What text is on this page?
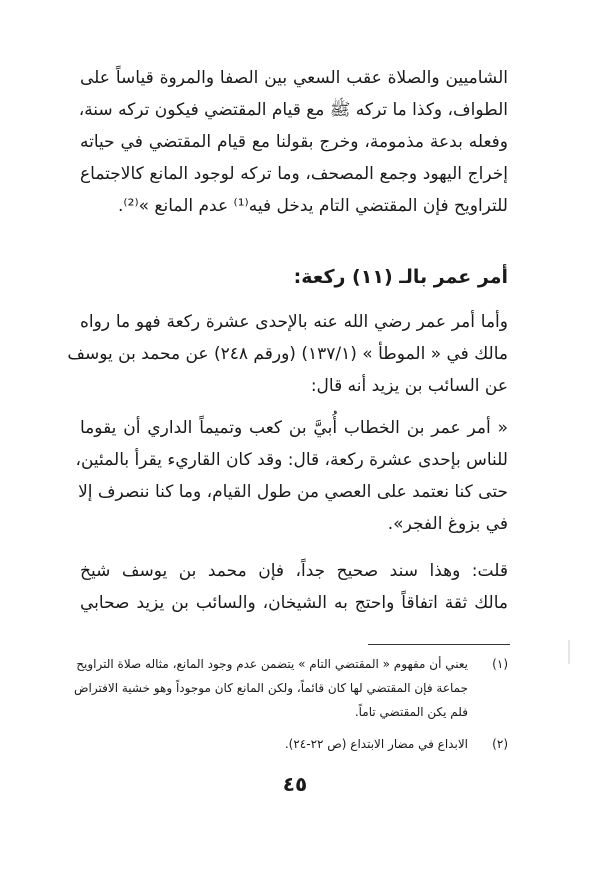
الشاميين والصلاة عقب السعي بين الصفا والمروة قياساً على
الطواف، وكذا ما تركه ﷺ مع قيام المقتضي فيكون تركه سنة،
وفعله بدعة مذمومة، وخرج بقولنا مع قيام المقتضي في حياته
إخراج اليهود وجمع المصحف، وما تركه لوجود المانع كالاجتماع
للتراويح فإن المقتضي التام يدخل فيه⁽¹⁾ عدم المانع »⁽²⁾.
أمر عمر بالـ (١١) ركعة:
وأما أمر عمر رضي الله عنه بالإحدى عشرة ركعة فهو ما رواه
مالك في « الموطأ » (١٣٧/١) (ورقم ٢٤٨) عن محمد بن يوسف
عن السائب بن يزيد أنه قال:
« أمر عمر بن الخطاب أُبيَّ بن كعب وتميماً الداري أن يقوما
للناس بإحدى عشرة ركعة، قال: وقد كان القاريء يقرأ بالمئين،
حتى كنا نعتمد على العصي من طول القيام، وما كنا ننصرف إلا
في بزوغ الفجر».
قلت: وهذا سند صحيح جداً، فإن محمد بن يوسف شيخ
مالك ثقة اتفاقاً واحتج به الشيخان، والسائب بن يزيد صحابي
(١)
يعني أن مفهوم « المقتضي التام » يتضمن عدم وجود المانع، مثاله صلاة التراويح
جماعة فإن المقتضي لها كان قائماً، ولكن المانع كان موجوداً وهو خشية الافتراض
فلم يكن المقتضي تاماً.
(٢)
الابداع في مضار الابتداع (ص ٢٢-٢٤).
٤٥
